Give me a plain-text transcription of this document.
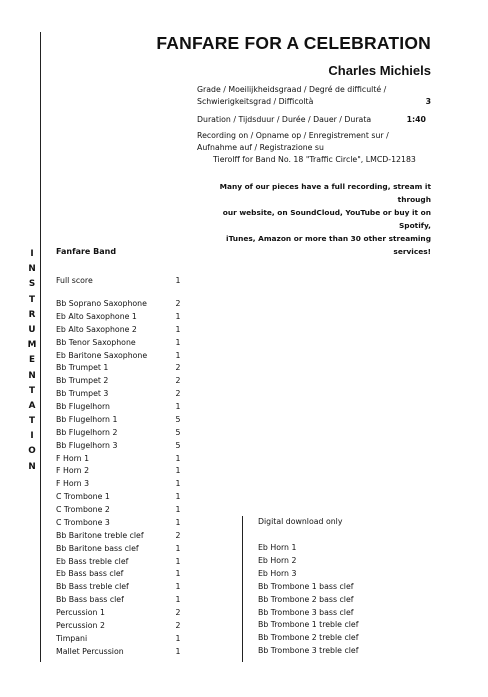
FANFARE FOR A CELEBRATION
Charles Michiels
Grade / Moeilijkheidsgraad / Degré de difficulté /
Schwierigkeitsgrad / Difficoltà	3
Duration / Tijdsduur / Durée / Dauer / Durata	1:40
Recording on / Opname op / Enregistrement sur /
Aufnahme auf / Registrazione su
Tierolff for Band No. 18 "Traffic Circle", LMCD-12183
Many of our pieces have a full recording, stream it through
our website, on SoundCloud, YouTube or buy it on Spotify,
iTunes, Amazon or more than 30 other streaming services!
I
N
S
T
R
U
M
E
N
T
A
T
I
O
N
Fanfare Band
Full score	1
Bb Soprano Saxophone	2
Eb Alto Saxophone 1	1
Eb Alto Saxophone 2	1
Bb Tenor Saxophone	1
Eb Baritone Saxophone	1
Bb Trumpet 1	2
Bb Trumpet 2	2
Bb Trumpet 3	2
Bb Flugelhorn	1
Bb Flugelhorn 1	5
Bb Flugelhorn 2	5
Bb Flugelhorn 3	5
F Horn 1	1
F Horn 2	1
F Horn 3	1
C Trombone 1	1
C Trombone 2	1
C Trombone 3	1
Bb Baritone treble clef	2
Bb Baritone bass clef	1
Eb Bass treble clef	1
Eb Bass bass clef	1
Bb Bass treble clef	1
Bb Bass bass clef	1
Percussion 1	2
Percussion 2	2
Timpani	1
Mallet Percussion	1
Digital download only
Eb Horn 1
Eb Horn 2
Eb Horn 3
Bb Trombone 1 bass clef
Bb Trombone 2 bass clef
Bb Trombone 3 bass clef
Bb Trombone 1 treble clef
Bb Trombone 2 treble clef
Bb Trombone 3 treble clef
